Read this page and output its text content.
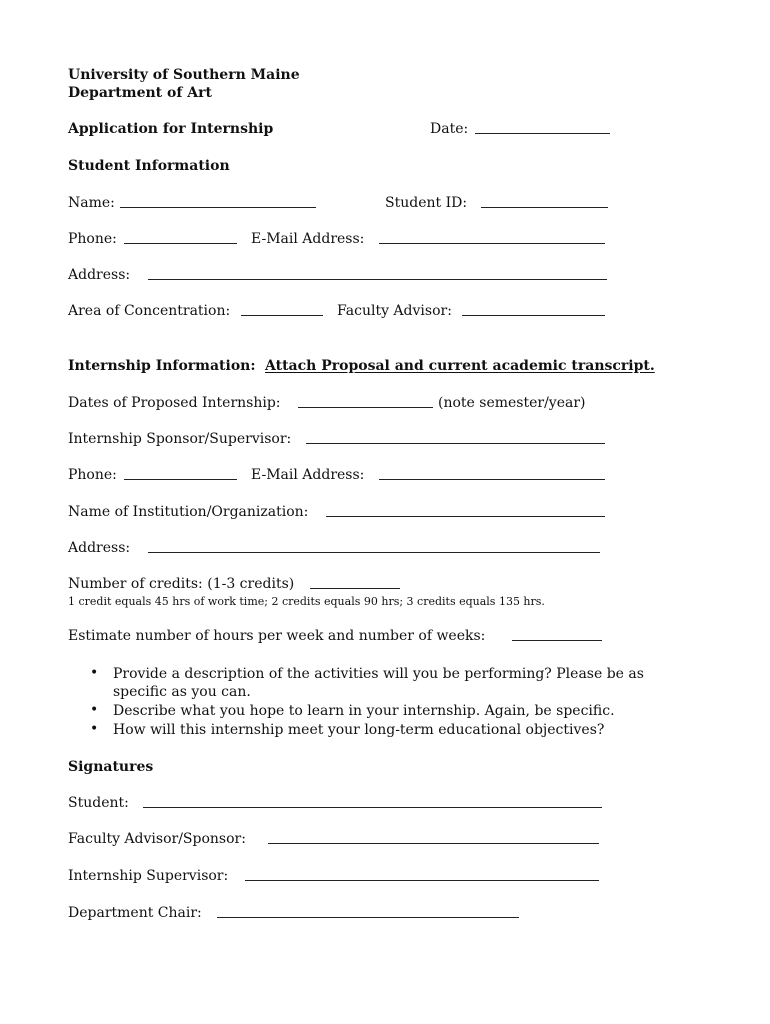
University of Southern Maine
Department of Art
Application for Internship	Date:
Student Information
Name:	Student ID:
Phone:	E-Mail Address:
Address:
Area of Concentration:	Faculty Advisor:
Internship Information: Attach Proposal and current academic transcript.
Dates of Proposed Internship:	(note semester/year)
Internship Sponsor/Supervisor:
Phone:	E-Mail Address:
Name of Institution/Organization:
Address:
Number of credits: (1-3 credits)
1 credit equals 45 hrs of work time; 2 credits equals 90 hrs; 3 credits equals 135 hrs.
Estimate number of hours per week and number of weeks:
• Provide a description of the activities will you be performing? Please be as
specific as you can.
• Describe what you hope to learn in your internship. Again, be specific.
• How will this internship meet your long-term educational objectives?
Signatures
Student:
Faculty Advisor/Sponsor:
Internship Supervisor:
Department Chair:
